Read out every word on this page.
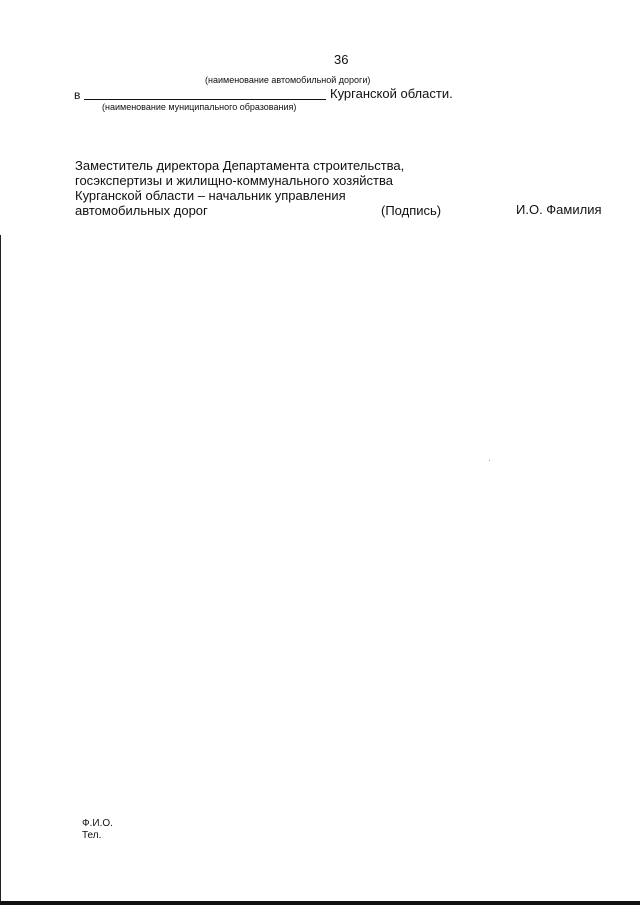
36
(наименование автомобильной дороги)
в	Курганской области.
(наименование муниципального образования)
Заместитель директора Департамента строительства,
госэкспертизы и жилищно-коммунального хозяйства
Курганской области – начальник управления
автомобильных дорог	(Подпись)	И.О. Фамилия
Ф.И.О.
Тел.
